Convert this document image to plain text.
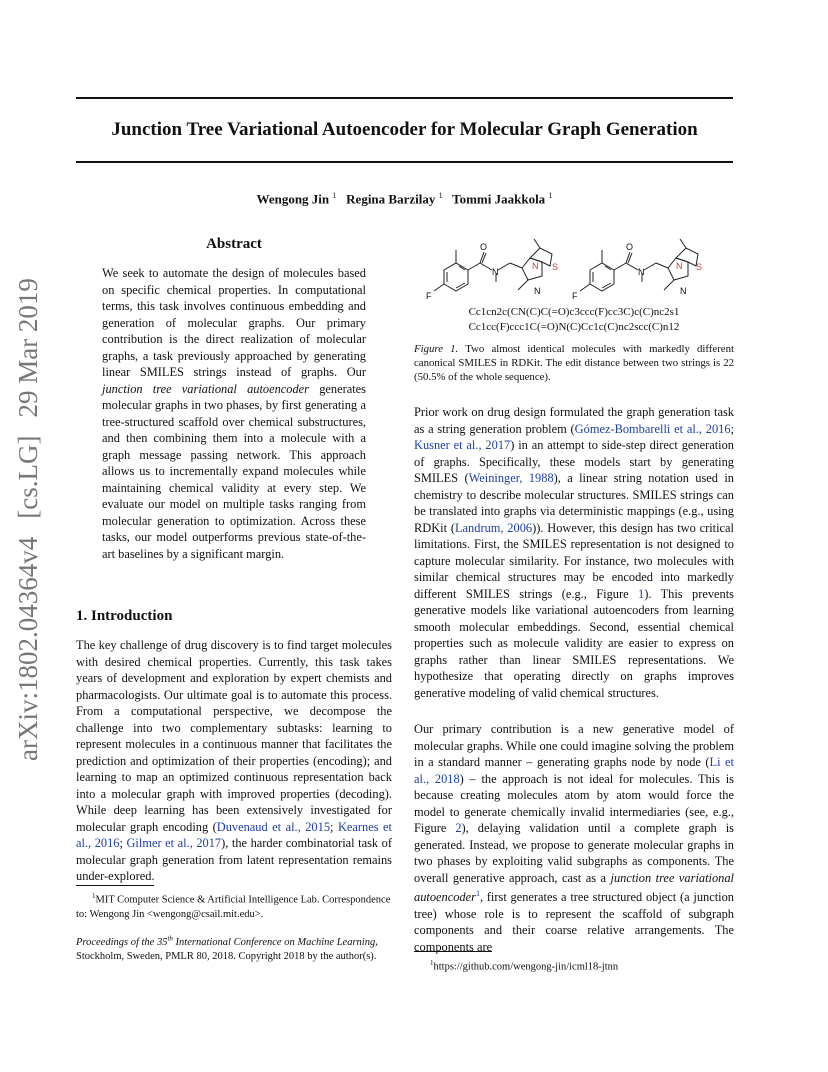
arXiv:1802.04364v4[cs.LG]29 Mar 2019
Junction Tree Variational Autoencoder for Molecular Graph Generation
Wengong Jin $^1$ Regina Barzilay $^1$ Tommi Jaakkola $^1$
Abstract

We seek to automate the design of molecules based on specific chemical properties. In computational terms, this task involves continuous embedding and generation of molecular graphs. Our primary contribution is the direct realization of molecular graphs, a task previously approached by generating linear SMILES strings instead of graphs. Our junction tree variational autoencoder generates molecular graphs in two phases, by first generating a tree-structured scaffold over chemical substructures, and then combining them into a molecule with a graph message passing network. This approach allows us to incrementally expand molecules while maintaining chemical validity at every step. We evaluate our model on multiple tasks ranging from molecular generation to optimization. Across these tasks, our model outperforms previous state-of-the-art baselines by a significant margin.

1. Introduction

The key challenge of drug discovery is to find target molecules with desired chemical properties. Currently, this task takes years of development and exploration by expert chemists and pharmacologists. Our ultimate goal is to automate this process. From a computational perspective, we decompose the challenge into two complementary subtasks: learning to represent molecules in a continuous manner that facilitates the prediction and optimization of their properties (encoding); and learning to map an optimized continuous representation back into a molecular graph with improved properties (decoding). While deep learning has been extensively investigated for molecular graph encoding (Duvenaud et al., 2015; Kearnes et al., 2016; Gilmer et al., 2017), the harder combinatorial task of molecular graph generation from latent representation remains under-explored.

$^1$MIT Computer Science & Artificial Intelligence Lab. Correspondence to: Wengong Jin <wengong@csail.mit.edu>.

Proceedings of the 35th International Conference on Machine Learning, Stockholm, Sweden, PMLR 80, 2018. Copyright 2018 by the author(s).

O
N
N S
N
F
O
N
N S
N
F
Cc1cn2c(CN(C)C(=O)c3ccc(F)cc3C)c(C)nc2s1
Cc1cc(F)ccc1C(=O)N(C)Cc1c(C)nc2scc(C)n12

Figure 1. Two almost identical molecules with markedly different canonical SMILES in RDKit. The edit distance between two strings is 22 (50.5% of the whole sequence).

Prior work on drug design formulated the graph generation task as a string generation problem (Gómez-Bombarelli et al., 2016; Kusner et al., 2017) in an attempt to side-step direct generation of graphs. Specifically, these models start by generating SMILES (Weininger, 1988), a linear string notation used in chemistry to describe molecular structures. SMILES strings can be translated into graphs via deterministic mappings (e.g., using RDKit (Landrum, 2006)). However, this design has two critical limitations. First, the SMILES representation is not designed to capture molecular similarity. For instance, two molecules with similar chemical structures may be encoded into markedly different SMILES strings (e.g., Figure 1). This prevents generative models like variational autoencoders from learning smooth molecular embeddings. Second, essential chemical properties such as molecule validity are easier to express on graphs rather than linear SMILES representations. We hypothesize that operating directly on graphs improves generative modeling of valid chemical structures.

Our primary contribution is a new generative model of molecular graphs. While one could imagine solving the problem in a standard manner – generating graphs node by node (Li et al., 2018) – the approach is not ideal for molecules. This is because creating molecules atom by atom would force the model to generate chemically invalid intermediaries (see, e.g., Figure 2), delaying validation until a complete graph is generated. Instead, we propose to generate molecular graphs in two phases by exploiting valid subgraphs as components. The overall generative approach, cast as a junction tree variational autoencoder$^1$, first generates a tree structured object (a junction tree) whose role is to represent the scaffold of subgraph components and their coarse relative arrangements. The components are

$^1$https://github.com/wengong-jin/icml18-jtnn
